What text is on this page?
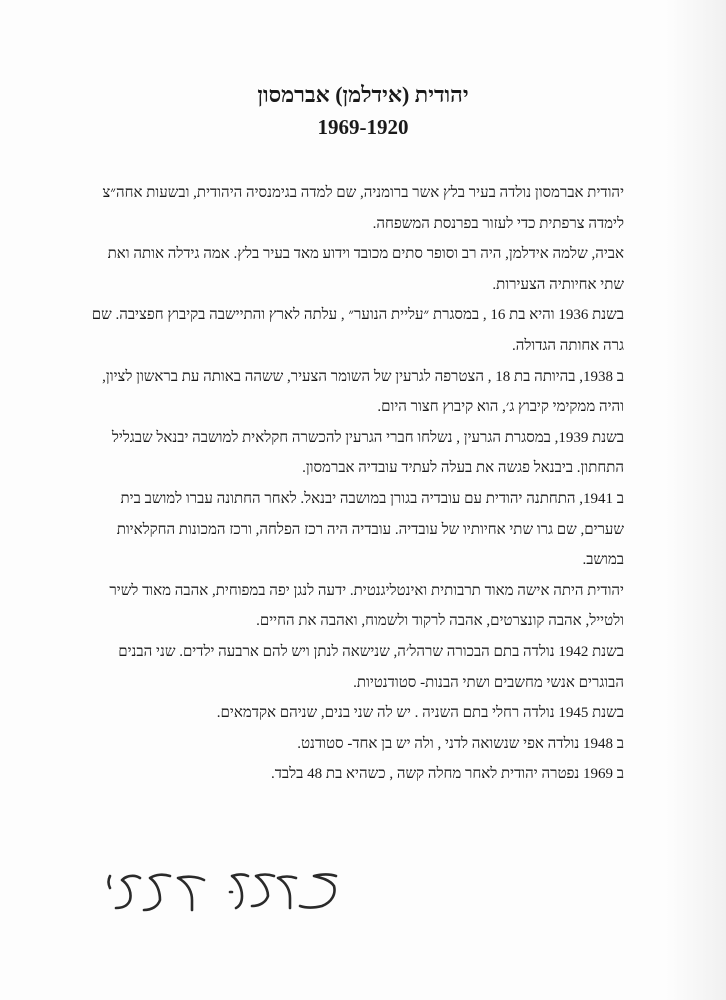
יהודית (אידלמן) אברמסון
1969-1920

יהודית אברמסון נולדה בעיר בלץ אשר ברומניה, שם למדה בגימנסיה היהודית, ובשעות אחה״צ לימדה צרפתית כדי לעזור בפרנסת המשפחה.

אביה, שלמה אידלמן, היה רב וסופר סתים מכובד וידוע מאד בעיר בלץ. אמה גידלה אותה ואת שתי אחיותיה הצעירות.

בשנת 1936 והיא בת 16 , במסגרת ״עליית הנוער״ , עלתה לארץ והתיישבה בקיבוץ חפציבה. שם גרה אחותה הגדולה.

ב 1938, בהיותה בת 18 , הצטרפה לגרעין של השומר הצעיר, ששהה באותה עת בראשון לציון, והיה ממקימי קיבוץ ג׳, הוא קיבוץ חצור היום.

בשנת 1939, במסגרת הגרעין , נשלחו חברי הגרעין להכשרה חקלאית למושבה יבנאל שבגליל התחתון. ביבנאל פגשה את בעלה לעתיד עובדיה אברמסון.

ב 1941, התחתנה יהודית עם עובדיה בגורן במושבה יבנאל. לאחר החתונה עברו למושב בית שערים, שם גרו שתי אחיותיו של עובדיה. עובדיה היה רכז הפלחה, ורכז המכונות החקלאיות במושב.

יהודית היתה אישה מאוד תרבותית ואינטליגנטית. ידעה לנגן יפה במפוחית, אהבה מאוד לשיר ולטייל, אהבה קונצרטים, אהבה לרקוד ולשמוח, ואהבה את החיים.

בשנת 1942 נולדה בתם הבכורה שרהל׳ה, שנישאה לנתן ויש להם ארבעה ילדים. שני הבנים הבוגרים אנשי מחשבים ושתי הבנות- סטודנטיות.

בשנת 1945 נולדה רחלי בתם השניה . יש לה שני בנים, שניהם אקדמאים.

ב 1948 נולדה אפי שנשואה לדני , ולה יש בן אחד- סטודנט.

ב 1969 נפטרה יהודית לאחר מחלה קשה , כשהיא בת 48 בלבד.
